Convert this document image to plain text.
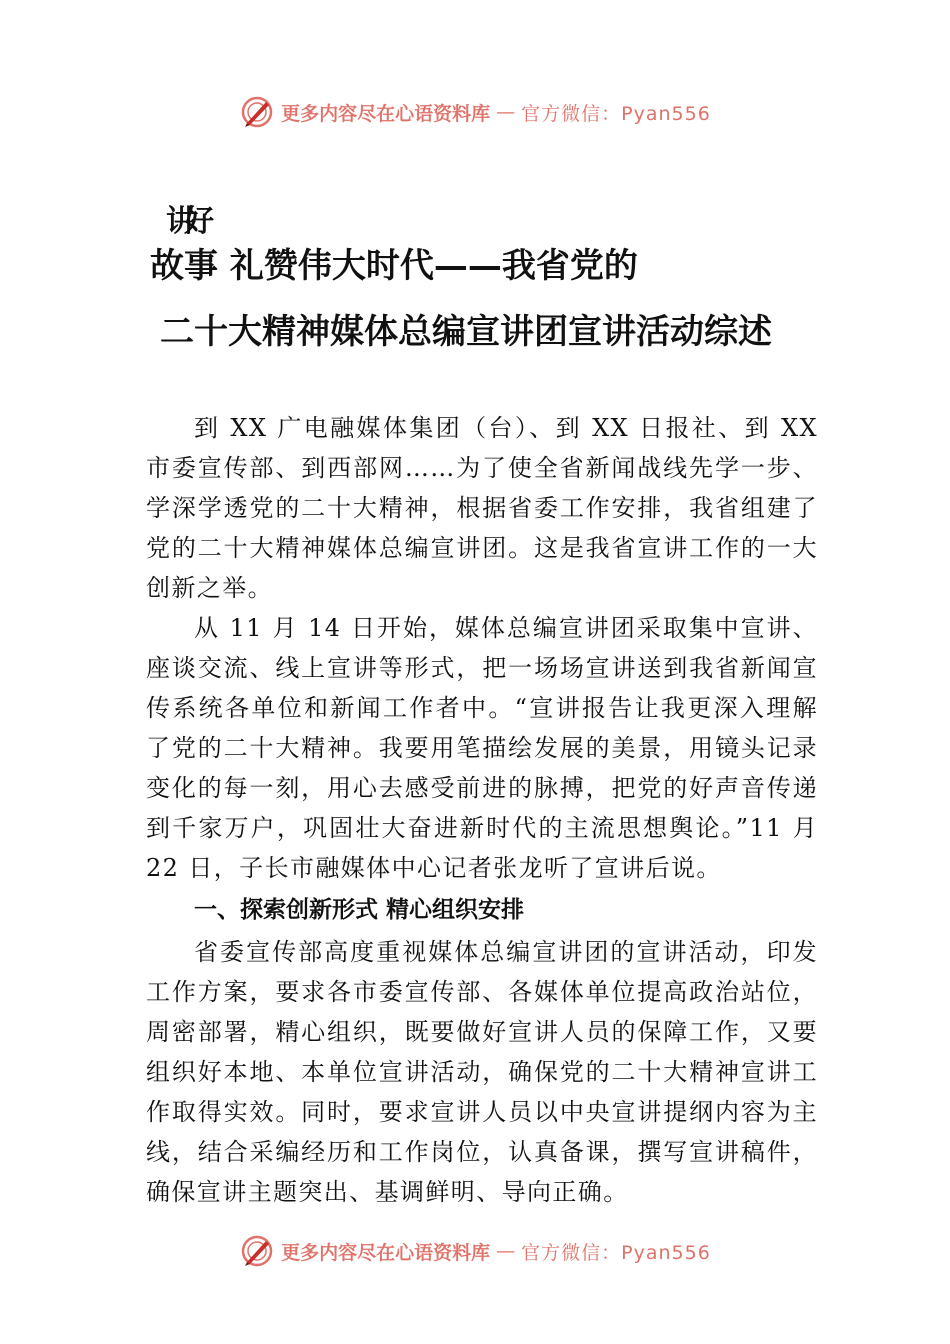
更多内容尽在心语资料库 — 官方微信：Pyan556
讲好
故事 礼赞伟大时代——我省党的
二十大精神媒体总编宣讲团宣讲活动综述

到 XX 广电融媒体集团（台）、到 XX 日报社、到 XX 市委宣传部、到西部网……为了使全省新闻战线先学一步、 学深学透党的二十大精神，根据省委工作安排，我省组建了党的二十大精神媒体总编宣讲团。这是我省宣讲工作的一大创新之举。

从 11 月 14 日开始，媒体总编宣讲团采取集中宣讲、座谈交流、线上宣讲等形式，把一场场宣讲送到我省新闻宣传系统各单位和新闻工作者中。“宣讲报告让我更深入理解了党的二十大精神。我要用笔描绘发展的美景，用镜头记录变化的每一刻，用心去感受前进的脉搏，把党的好声音传递到千家万户，巩固壮大奋进新时代的主流思想舆论。”11 月 22 日，子长市融媒体中心记者张龙听了宣讲后说。

一、探索创新形式 精心组织安排

省委宣传部高度重视媒体总编宣讲团的宣讲活动，印发工作方案，要求各市委宣传部、各媒体单位提高政治站位， 周密部署，精心组织，既要做好宣讲人员的保障工作，又要组织好本地、本单位宣讲活动，确保党的二十大精神宣讲工作取得实效。同时，要求宣讲人员以中央宣讲提纲内容为主线，结合采编经历和工作岗位，认真备课，撰写宣讲稿件， 确保宣讲主题突出、基调鲜明、导向正确。

更多内容尽在心语资料库 — 官方微信：Pyan556
